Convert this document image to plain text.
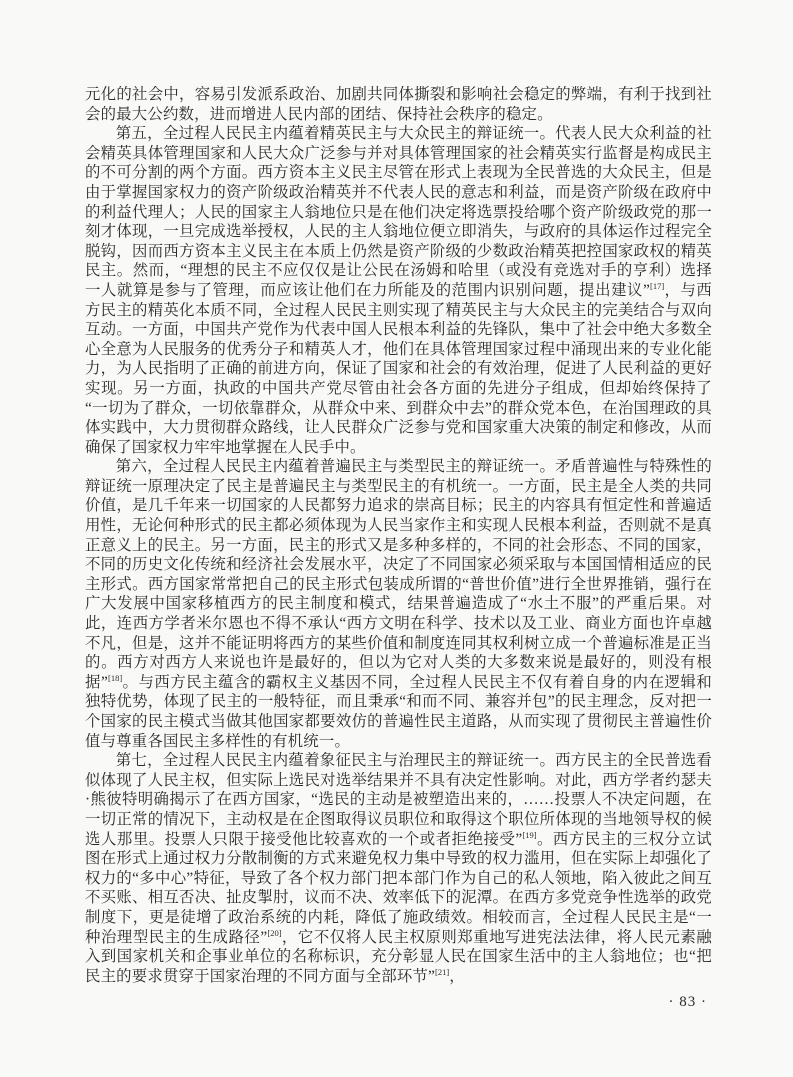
元化的社会中，容易引发派系政治、加剧共同体撕裂和影响社会稳定的弊端，有利于找到社会的最大公约数，进而增进人民内部的团结、保持社会秩序的稳定。

第五，全过程人民民主内蕴着精英民主与大众民主的辩证统一。代表人民大众利益的社会精英具体管理国家和人民大众广泛参与并对具体管理国家的社会精英实行监督是构成民主的不可分割的两个方面。西方资本主义民主尽管在形式上表现为全民普选的大众民主，但是由于掌握国家权力的资产阶级政治精英并不代表人民的意志和利益，而是资产阶级在政府中的利益代理人；人民的国家主人翁地位只是在他们决定将选票投给哪个资产阶级政党的那一刻才体现，一旦完成选举授权，人民的主人翁地位便立即消失，与政府的具体运作过程完全脱钩，因而西方资本主义民主在本质上仍然是资产阶级的少数政治精英把控国家政权的精英民主。然而，“理想的民主不应仅仅是让公民在汤姆和哈里（或没有竞选对手的亨利）选择一人就算是参与了管理，而应该让他们在力所能及的范围内识别问题，提出建议”[17]，与西方民主的精英化本质不同，全过程人民民主则实现了精英民主与大众民主的完美结合与双向互动。一方面，中国共产党作为代表中国人民根本利益的先锋队，集中了社会中绝大多数全心全意为人民服务的优秀分子和精英人才，他们在具体管理国家过程中涌现出来的专业化能力，为人民指明了正确的前进方向，保证了国家和社会的有效治理，促进了人民利益的更好实现。另一方面，执政的中国共产党尽管由社会各方面的先进分子组成，但却始终保持了“一切为了群众，一切依靠群众，从群众中来、到群众中去”的群众党本色，在治国理政的具体实践中，大力贯彻群众路线，让人民群众广泛参与党和国家重大决策的制定和修改，从而确保了国家权力牢牢地掌握在人民手中。

第六，全过程人民民主内蕴着普遍民主与类型民主的辩证统一。矛盾普遍性与特殊性的辩证统一原理决定了民主是普遍民主与类型民主的有机统一。一方面，民主是全人类的共同价值，是几千年来一切国家的人民都努力追求的崇高目标；民主的内容具有恒定性和普遍适用性，无论何种形式的民主都必须体现为人民当家作主和实现人民根本利益，否则就不是真正意义上的民主。另一方面，民主的形式又是多种多样的，不同的社会形态、不同的国家，不同的历史文化传统和经济社会发展水平，决定了不同国家必须采取与本国国情相适应的民主形式。西方国家常常把自己的民主形式包装成所谓的“普世价值”进行全世界推销，强行在广大发展中国家移植西方的民主制度和模式，结果普遍造成了“水土不服”的严重后果。对此，连西方学者米尔恩也不得不承认“西方文明在科学、技术以及工业、商业方面也许卓越不凡，但是，这并不能证明将西方的某些价值和制度连同其权利树立成一个普遍标准是正当的。西方对西方人来说也许是最好的，但以为它对人类的大多数来说是最好的，则没有根据”[18]。与西方民主蕴含的霸权主义基因不同，全过程人民民主不仅有着自身的内在逻辑和独特优势，体现了民主的一般特征，而且秉承“和而不同、兼容并包”的民主理念，反对把一个国家的民主模式当做其他国家都要效仿的普遍性民主道路，从而实现了贯彻民主普遍性价值与尊重各国民主多样性的有机统一。

第七，全过程人民民主内蕴着象征民主与治理民主的辩证统一。西方民主的全民普选看似体现了人民主权，但实际上选民对选举结果并不具有决定性影响。对此，西方学者约瑟夫·熊彼特明确揭示了在西方国家，“选民的主动是被塑造出来的，……投票人不决定问题，在一切正常的情况下，主动权是在企图取得议员职位和取得这个职位所体现的当地领导权的候选人那里。投票人只限于接受他比较喜欢的一个或者拒绝接受”[19]。西方民主的三权分立试图在形式上通过权力分散制衡的方式来避免权力集中导致的权力滥用，但在实际上却强化了权力的“多中心”特征，导致了各个权力部门把本部门作为自己的私人领地，陷入彼此之间互不买账、相互否决、扯皮掣肘，议而不决、效率低下的泥潭。在西方多党竞争性选举的政党制度下，更是徒增了政治系统的内耗，降低了施政绩效。相较而言，全过程人民民主是“一种治理型民主的生成路径”[20]，它不仅将人民主权原则郑重地写进宪法法律，将人民元素融入到国家机关和企事业单位的名称标识，充分彰显人民在国家生活中的主人翁地位；也“把民主的要求贯穿于国家治理的不同方面与全部环节”[21]，

· 83 ·
